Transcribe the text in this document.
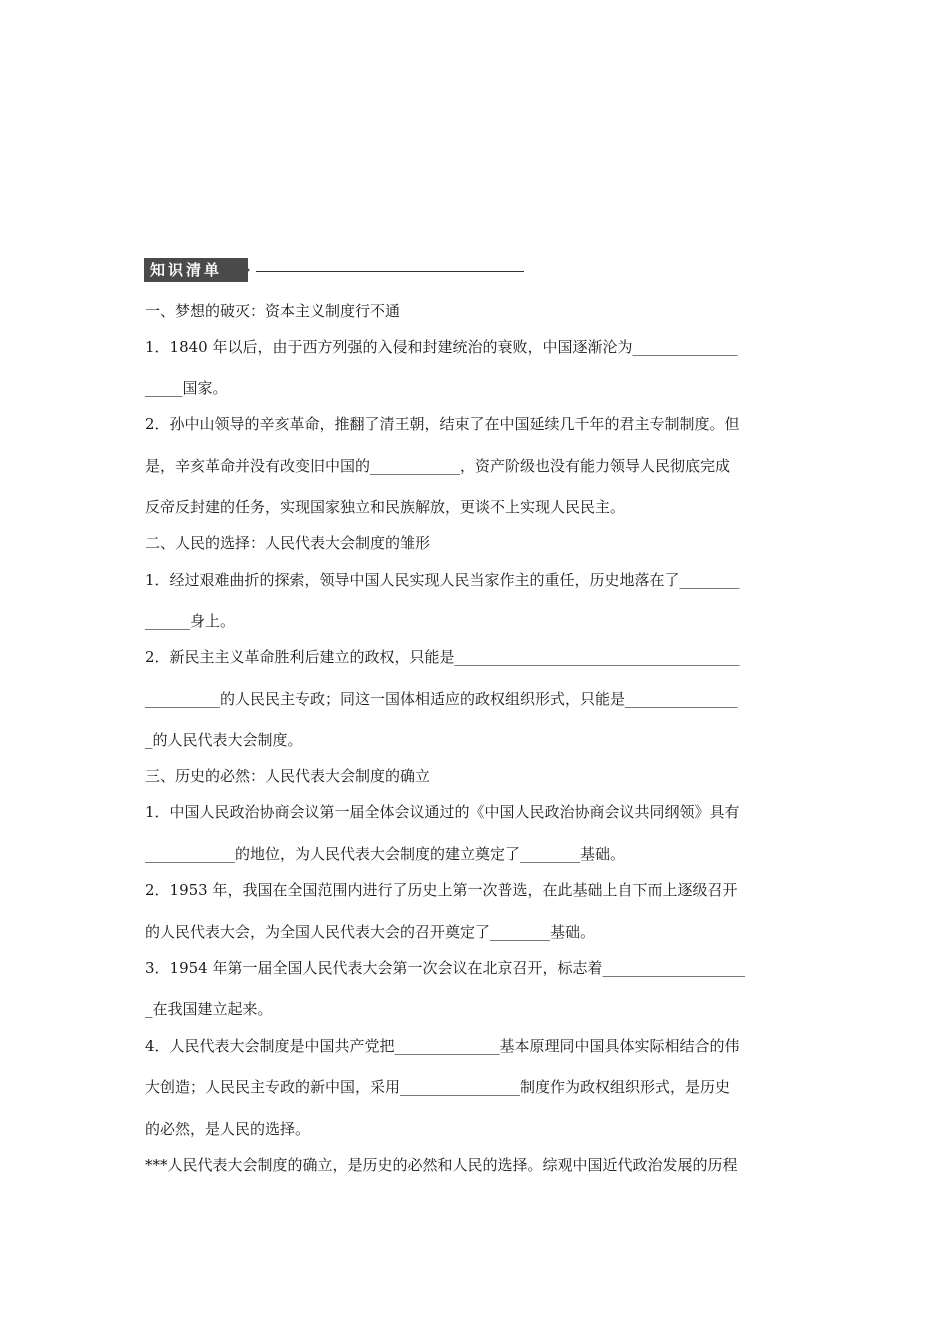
知识清单
一、梦想的破灭：资本主义制度行不通
1．1840 年以后，由于西方列强的入侵和封建统治的衰败，中国逐渐沦为______________
_____国家。
2．孙中山领导的辛亥革命，推翻了清王朝，结束了在中国延续几千年的君主专制制度。但
是，辛亥革命并没有改变旧中国的____________，资产阶级也没有能力领导人民彻底完成
反帝反封建的任务，实现国家独立和民族解放，更谈不上实现人民民主。
二、人民的选择：人民代表大会制度的雏形
1．经过艰难曲折的探索，领导中国人民实现人民当家作主的重任，历史地落在了________
______身上。
2．新民主主义革命胜利后建立的政权，只能是______________________________________
__________的人民民主专政；同这一国体相适应的政权组织形式，只能是_______________
_的人民代表大会制度。
三、历史的必然：人民代表大会制度的确立
1．中国人民政治协商会议第一届全体会议通过的《中国人民政治协商会议共同纲领》具有
____________的地位，为人民代表大会制度的建立奠定了________基础。
2．1953 年，我国在全国范围内进行了历史上第一次普选，在此基础上自下而上逐级召开
的人民代表大会，为全国人民代表大会的召开奠定了________基础。
3．1954 年第一届全国人民代表大会第一次会议在北京召开，标志着___________________
_在我国建立起来。
4．人民代表大会制度是中国共产党把______________基本原理同中国具体实际相结合的伟
大创造；人民民主专政的新中国，采用________________制度作为政权组织形式，是历史
的必然，是人民的选择。
***人民代表大会制度的确立，是历史的必然和人民的选择。综观中国近代政治发展的历程
